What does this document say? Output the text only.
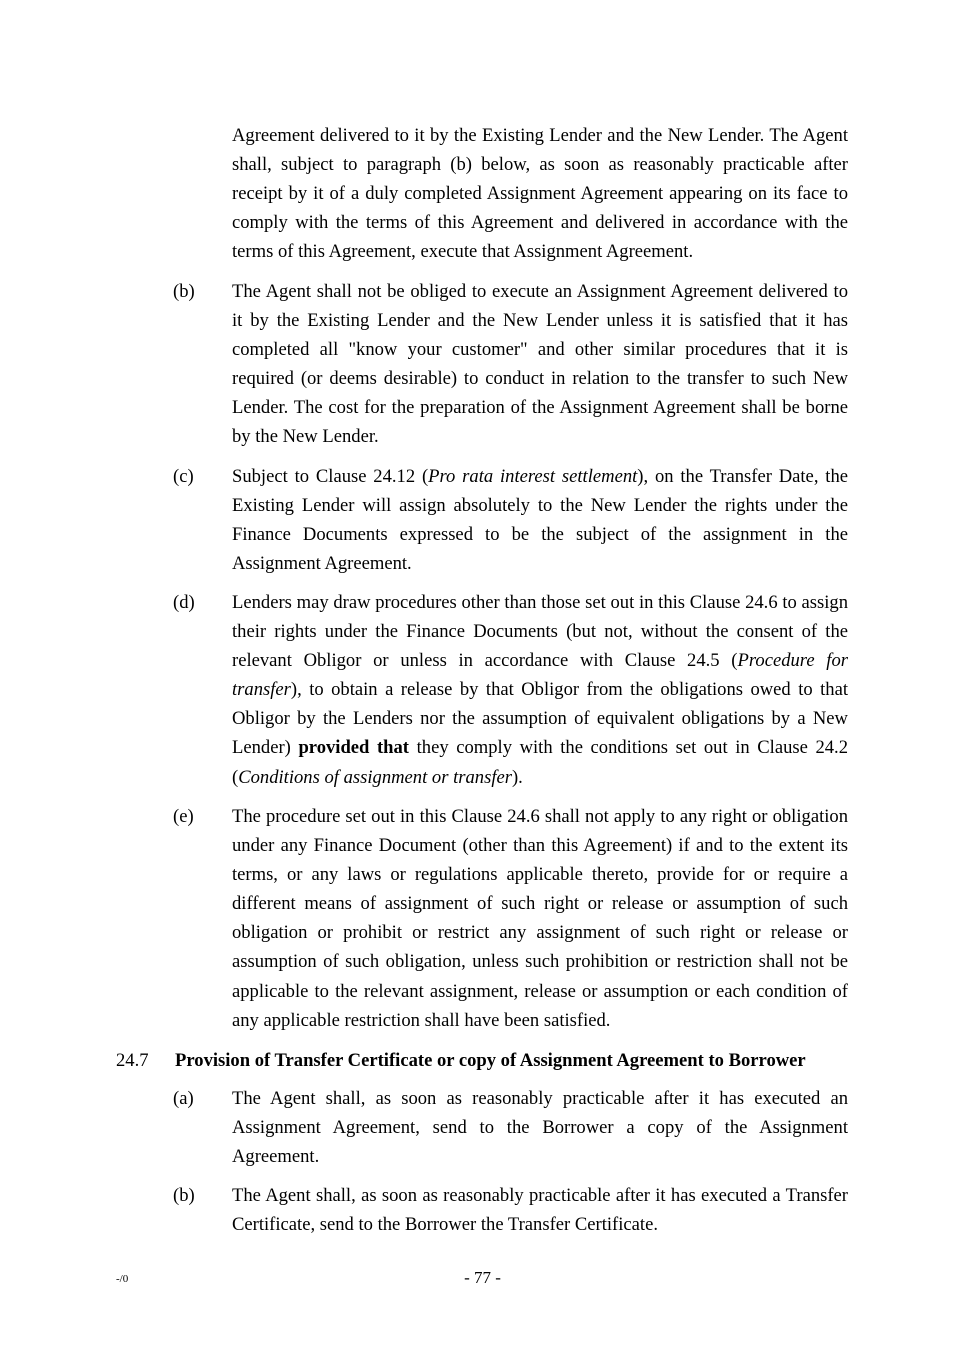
Agreement delivered to it by the Existing Lender and the New Lender. The Agent shall, subject to paragraph (b) below, as soon as reasonably practicable after receipt by it of a duly completed Assignment Agreement appearing on its face to comply with the terms of this Agreement and delivered in accordance with the terms of this Agreement, execute that Assignment Agreement.

(b) The Agent shall not be obliged to execute an Assignment Agreement delivered to it by the Existing Lender and the New Lender unless it is satisfied that it has completed all "know your customer" and other similar procedures that it is required (or deems desirable) to conduct in relation to the transfer to such New Lender. The cost for the preparation of the Assignment Agreement shall be borne by the New Lender.

(c) Subject to Clause 24.12 (Pro rata interest settlement), on the Transfer Date, the Existing Lender will assign absolutely to the New Lender the rights under the Finance Documents expressed to be the subject of the assignment in the Assignment Agreement.

(d) Lenders may draw procedures other than those set out in this Clause 24.6 to assign their rights under the Finance Documents (but not, without the consent of the relevant Obligor or unless in accordance with Clause 24.5 (Procedure for transfer), to obtain a release by that Obligor from the obligations owed to that Obligor by the Lenders nor the assumption of equivalent obligations by a New Lender) provided that they comply with the conditions set out in Clause 24.2 (Conditions of assignment or transfer).

(e) The procedure set out in this Clause 24.6 shall not apply to any right or obligation under any Finance Document (other than this Agreement) if and to the extent its terms, or any laws or regulations applicable thereto, provide for or require a different means of assignment of such right or release or assumption of such obligation or prohibit or restrict any assignment of such right or release or assumption of such obligation, unless such prohibition or restriction shall not be applicable to the relevant assignment, release or assumption or each condition of any applicable restriction shall have been satisfied.

24.7 Provision of Transfer Certificate or copy of Assignment Agreement to Borrower
(a) The Agent shall, as soon as reasonably practicable after it has executed an Assignment Agreement, send to the Borrower a copy of the Assignment Agreement.

(b) The Agent shall, as soon as reasonably practicable after it has executed a Transfer Certificate, send to the Borrower the Transfer Certificate.

-/0	- 77 -
